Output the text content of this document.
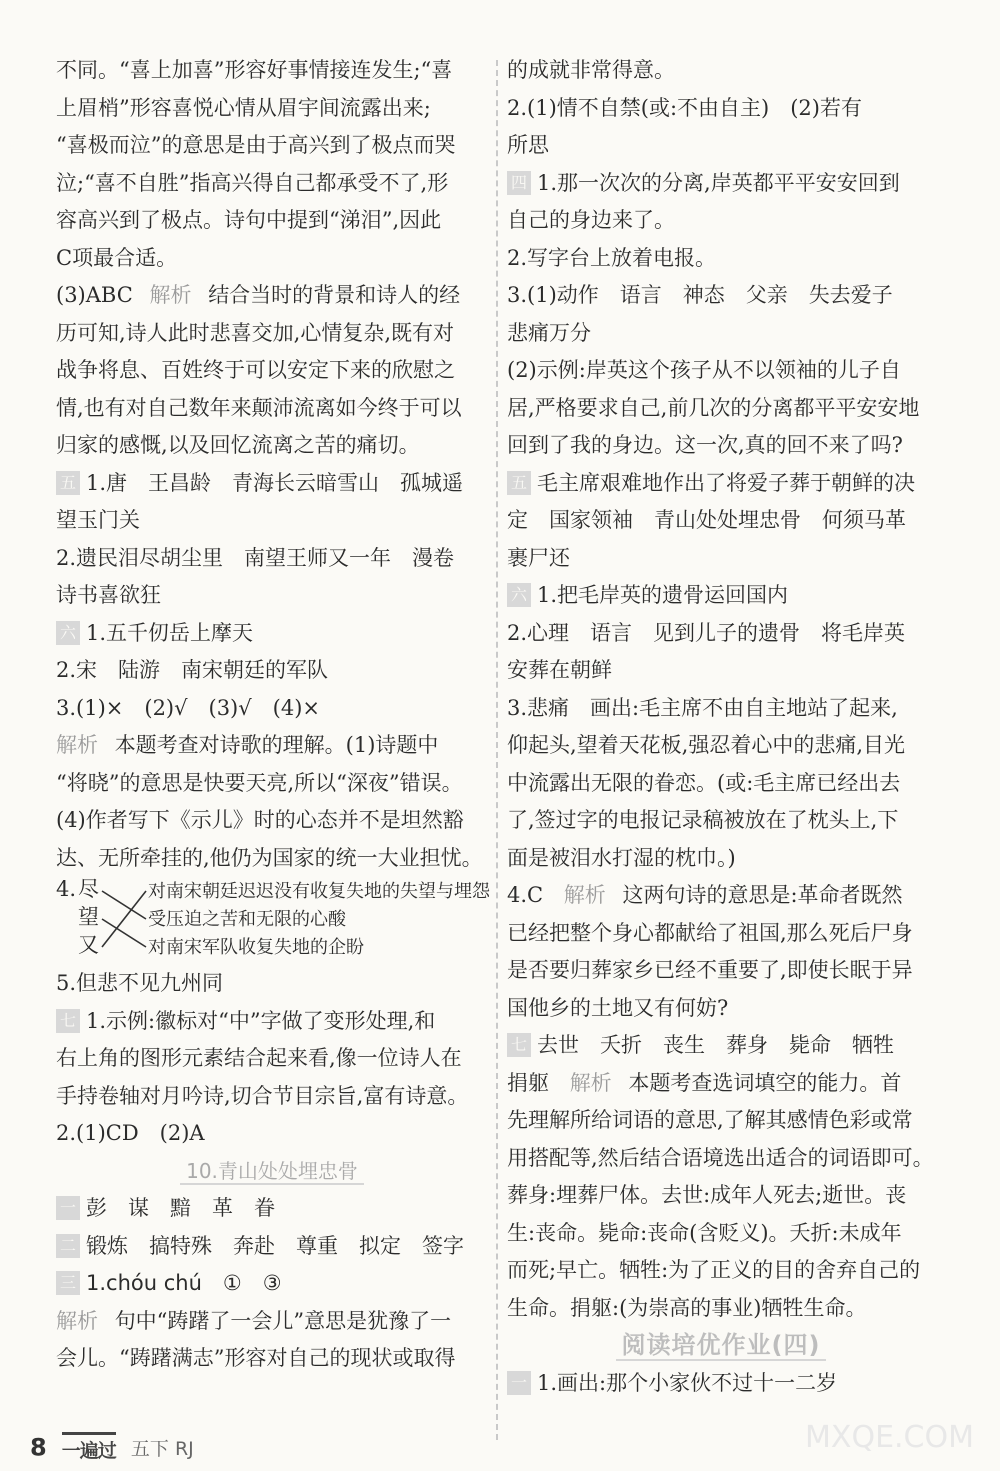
不同。“喜上加喜”形容好事情接连发生;“喜
上眉梢”形容喜悦心情从眉宇间流露出来;
“喜极而泣”的意思是由于高兴到了极点而哭
泣;“喜不自胜”指高兴得自己都承受不了,形
容高兴到了极点。诗句中提到“涕泪”,因此
C项最合适。
(3)ABC 解析 结合当时的背景和诗人的经
历可知,诗人此时悲喜交加,心情复杂,既有对
战争将息、百姓终于可以安定下来的欣慰之
情,也有对自己数年来颠沛流离如今终于可以
归家的感慨,以及回忆流离之苦的痛切。
五 1.唐　王昌龄　青海长云暗雪山　孤城遥
望玉门关
2.遗民泪尽胡尘里　南望王师又一年　漫卷
诗书喜欲狂
六 1.五千仞岳上摩天
2.宋　陆游　南宋朝廷的军队
3.(1)×　(2)√　(3)√　(4)×
解析 本题考查对诗歌的理解。(1)诗题中
“将晓”的意思是快要天亮,所以“深夜”错误。
(4)作者写下《示儿》时的心态并不是坦然豁
达、无所牵挂的,他仍为国家的统一大业担忧。
4. 尽
望
又
对南宋朝廷迟迟没有收复失地的失望与埋怨
受压迫之苦和无限的心酸
对南宋军队收复失地的企盼
5.但悲不见九州同
七 1.示例:徽标对“中”字做了变形处理,和
右上角的图形元素结合起来看,像一位诗人在
手持卷轴对月吟诗,切合节目宗旨,富有诗意。
2.(1)CD　(2)A
10.青山处处埋忠骨
一 彭　谋　黯　革　眷
二 锻炼　搞特殊　奔赴　尊重　拟定　签字
三 1.chóu chú　①　③
解析 句中“踌躇了一会儿”意思是犹豫了一
会儿。“踌躇满志”形容对自己的现状或取得
的成就非常得意。
2.(1)情不自禁(或:不由自主)　(2)若有
所思
四 1.那一次次的分离,岸英都平平安安回到
自己的身边来了。
2.写字台上放着电报。
3.(1)动作　语言　神态　父亲　失去爱子
悲痛万分
(2)示例:岸英这个孩子从不以领袖的儿子自
居,严格要求自己,前几次的分离都平平安安地
回到了我的身边。这一次,真的回不来了吗?
五 毛主席艰难地作出了将爱子葬于朝鲜的决
定　国家领袖　青山处处埋忠骨　何须马革
裹尸还
六 1.把毛岸英的遗骨运回国内
2.心理　语言　见到儿子的遗骨　将毛岸英
安葬在朝鲜
3.悲痛　画出:毛主席不由自主地站了起来,
仰起头,望着天花板,强忍着心中的悲痛,目光
中流露出无限的眷恋。(或:毛主席已经出去
了,签过字的电报记录稿被放在了枕头上,下
面是被泪水打湿的枕巾。)
4.C 解析 这两句诗的意思是:革命者既然
已经把整个身心都献给了祖国,那么死后尸身
是否要归葬家乡已经不重要了,即使长眠于异
国他乡的土地又有何妨?
七 去世　夭折　丧生　葬身　毙命　牺牲
捐躯 解析 本题考查选词填空的能力。首
先理解所给词语的意思,了解其感情色彩或常
用搭配等,然后结合语境选出适合的词语即可。
葬身:埋葬尸体。去世:成年人死去;逝世。丧
生:丧命。毙命:丧命(含贬义)。夭折:未成年
而死;早亡。牺牲:为了正义的目的舍弃自己的
生命。捐躯:(为崇高的事业)牺牲生命。
阅读培优作业(四)
一 1.画出:那个小家伙不过十一二岁
8 一遍过 五下 RJ	MXQE.COM
